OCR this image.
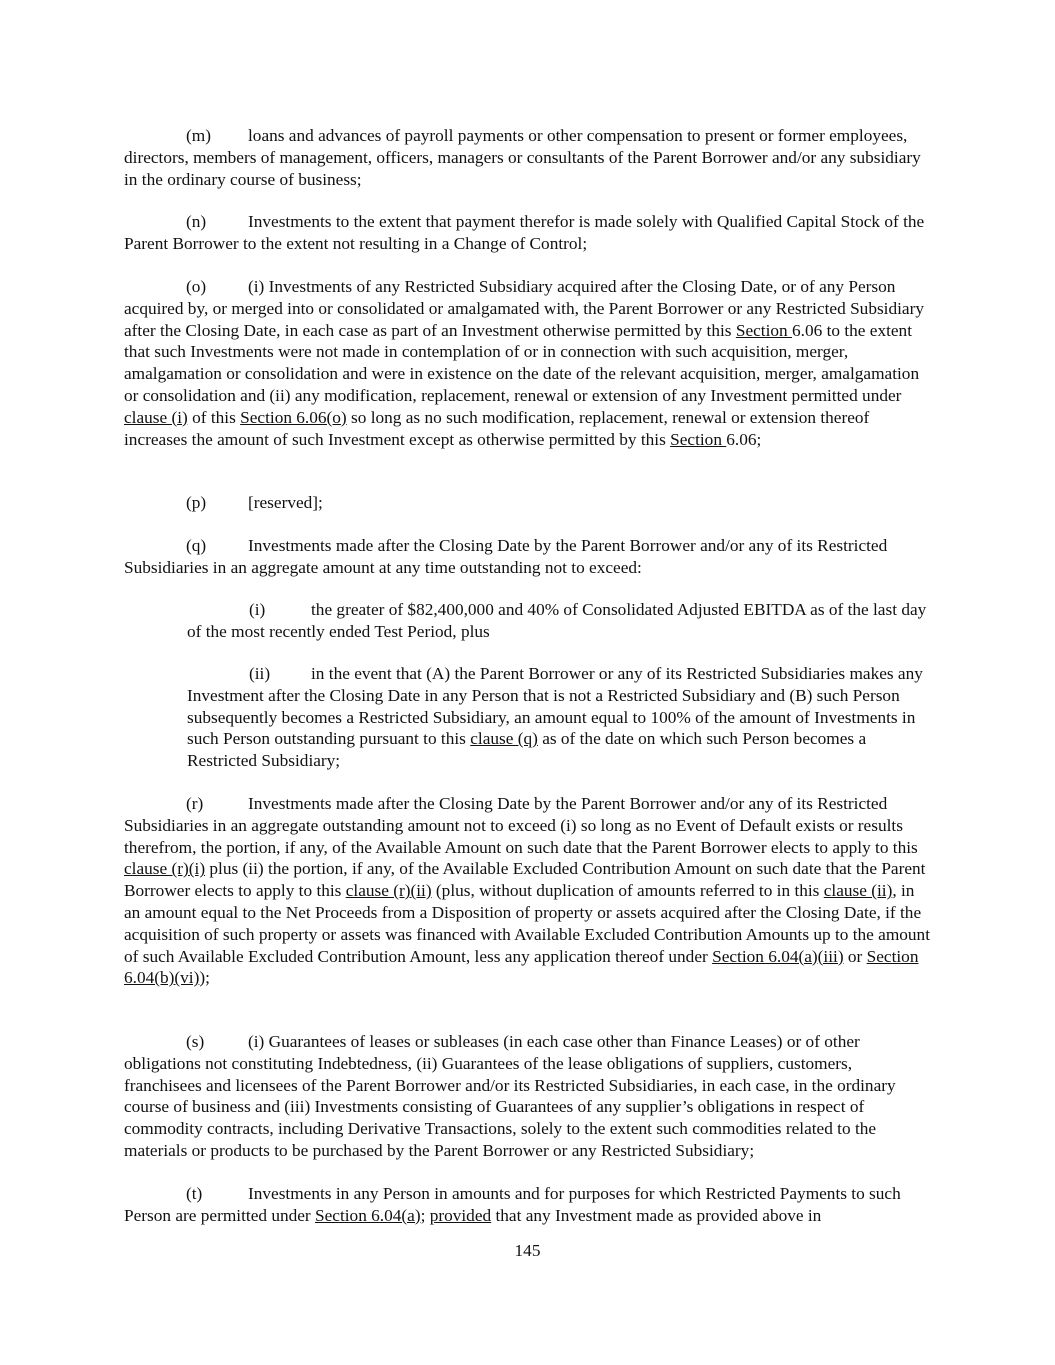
(m) loans and advances of payroll payments or other compensation to present or former employees, directors, members of management, officers, managers or consultants of the Parent Borrower and/or any subsidiary in the ordinary course of business;

(n) Investments to the extent that payment therefor is made solely with Qualified Capital Stock of the Parent Borrower to the extent not resulting in a Change of Control;

(o) (i) Investments of any Restricted Subsidiary acquired after the Closing Date, or of any Person acquired by, or merged into or consolidated or amalgamated with, the Parent Borrower or any Restricted Subsidiary after the Closing Date, in each case as part of an Investment otherwise permitted by this Section 6.06 to the extent that such Investments were not made in contemplation of or in connection with such acquisition, merger, amalgamation or consolidation and were in existence on the date of the relevant acquisition, merger, amalgamation or consolidation and (ii) any modification, replacement, renewal or extension of any Investment permitted under clause (i) of this Section 6.06(o) so long as no such modification, replacement, renewal or extension thereof increases the amount of such Investment except as otherwise permitted by this Section 6.06;

(p) [reserved];

(q) Investments made after the Closing Date by the Parent Borrower and/or any of its Restricted Subsidiaries in an aggregate amount at any time outstanding not to exceed:

(i)	the greater of $82,400,000 and 40% of Consolidated Adjusted EBITDA as of the last day of the most recently ended Test Period, plus

(ii) in the event that (A) the Parent Borrower or any of its Restricted Subsidiaries makes any Investment after the Closing Date in any Person that is not a Restricted Subsidiary and (B) such Person subsequently becomes a Restricted Subsidiary, an amount equal to 100% of the amount of Investments in such Person outstanding pursuant to this clause (q) as of the date on which such Person becomes a Restricted Subsidiary;

(r)	Investments made after the Closing Date by the Parent Borrower and/or any of its Restricted Subsidiaries in an aggregate outstanding amount not to exceed (i) so long as no Event of Default exists or results therefrom, the portion, if any, of the Available Amount on such date that the Parent Borrower elects to apply to this clause (r)(i) plus (ii) the portion, if any, of the Available Excluded Contribution Amount on such date that the Parent Borrower elects to apply to this clause (r)(ii) (plus, without duplication of amounts referred to in this clause (ii), in an amount equal to the Net Proceeds from a Disposition of property or assets acquired after the Closing Date, if the acquisition of such property or assets was financed with Available Excluded Contribution Amounts up to the amount of such Available Excluded Contribution Amount, less any application thereof under Section 6.04(a)(iii) or Section 6.04(b)(vi));

(s)	(i) Guarantees of leases or subleases (in each case other than Finance Leases) or of other obligations not constituting Indebtedness, (ii) Guarantees of the lease obligations of suppliers, customers, franchisees and licensees of the Parent Borrower and/or its Restricted Subsidiaries, in each case, in the ordinary course of business and (iii) Investments consisting of Guarantees of any supplier’s obligations in respect of commodity contracts, including Derivative Transactions, solely to the extent such commodities related to the materials or products to be purchased by the Parent Borrower or any Restricted Subsidiary;

(t)	Investments in any Person in amounts and for purposes for which Restricted Payments to such Person are permitted under Section 6.04(a); provided that any Investment made as provided above in

145
